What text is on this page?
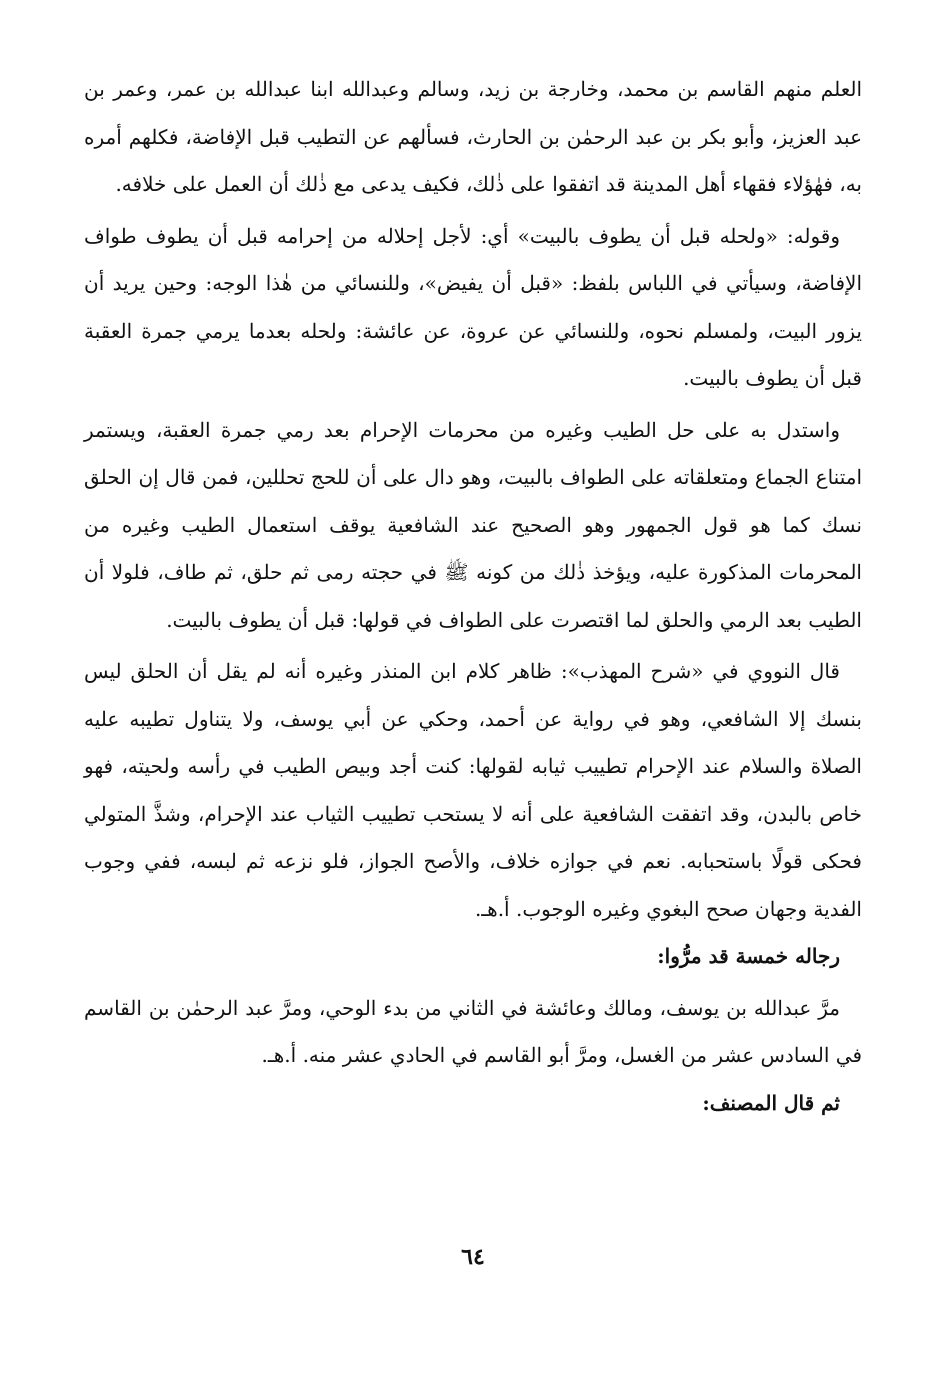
العلم منهم القاسم بن محمد، وخارجة بن زيد، وسالم وعبدالله ابنا عبدالله بن عمر، وعمر بن عبد العزيز، وأبو بكر بن عبد الرحمٰن بن الحارث، فسألهم عن التطيب قبل الإفاضة، فكلهم أمره به، فهٰؤلاء فقهاء أهل المدينة قد اتفقوا على ذٰلك، فكيف يدعى مع ذٰلك أن العمل على خلافه.

وقوله: «ولحله قبل أن يطوف بالبيت» أي: لأجل إحلاله من إحرامه قبل أن يطوف طواف الإفاضة، وسيأتي في اللباس بلفظ: «قبل أن يفيض»، وللنسائي من هٰذا الوجه: وحين يريد أن يزور البيت، ولمسلم نحوه، وللنسائي عن عروة، عن عائشة: ولحله بعدما يرمي جمرة العقبة قبل أن يطوف بالبيت.

واستدل به على حل الطيب وغيره من محرمات الإحرام بعد رمي جمرة العقبة، ويستمر امتناع الجماع ومتعلقاته على الطواف بالبيت، وهو دال على أن للحج تحللين، فمن قال إن الحلق نسك كما هو قول الجمهور وهو الصحيح عند الشافعية يوقف استعمال الطيب وغيره من المحرمات المذكورة عليه، ويؤخذ ذٰلك من كونه ﷺ في حجته رمى ثم حلق، ثم طاف، فلولا أن الطيب بعد الرمي والحلق لما اقتصرت على الطواف في قولها: قبل أن يطوف بالبيت.

قال النووي في «شرح المهذب»: ظاهر كلام ابن المنذر وغيره أنه لم يقل أن الحلق ليس بنسك إلا الشافعي، وهو في رواية عن أحمد، وحكي عن أبي يوسف، ولا يتناول تطيبه عليه الصلاة والسلام عند الإحرام تطييب ثيابه لقولها: كنت أجد وبيص الطيب في رأسه ولحيته، فهو خاص بالبدن، وقد اتفقت الشافعية على أنه لا يستحب تطييب الثياب عند الإحرام، وشذَّ المتولي فحكى قولًا باستحبابه. نعم في جوازه خلاف، والأصح الجواز، فلو نزعه ثم لبسه، ففي وجوب الفدية وجهان صحح البغوي وغيره الوجوب. أ.هـ.

رجاله خمسة قد مرُّوا:

مرَّ عبدالله بن يوسف، ومالك وعائشة في الثاني من بدء الوحي، ومرَّ عبد الرحمٰن بن القاسم في السادس عشر من الغسل، ومرَّ أبو القاسم في الحادي عشر منه. أ.هـ.

ثم قال المصنف:

٦٤
